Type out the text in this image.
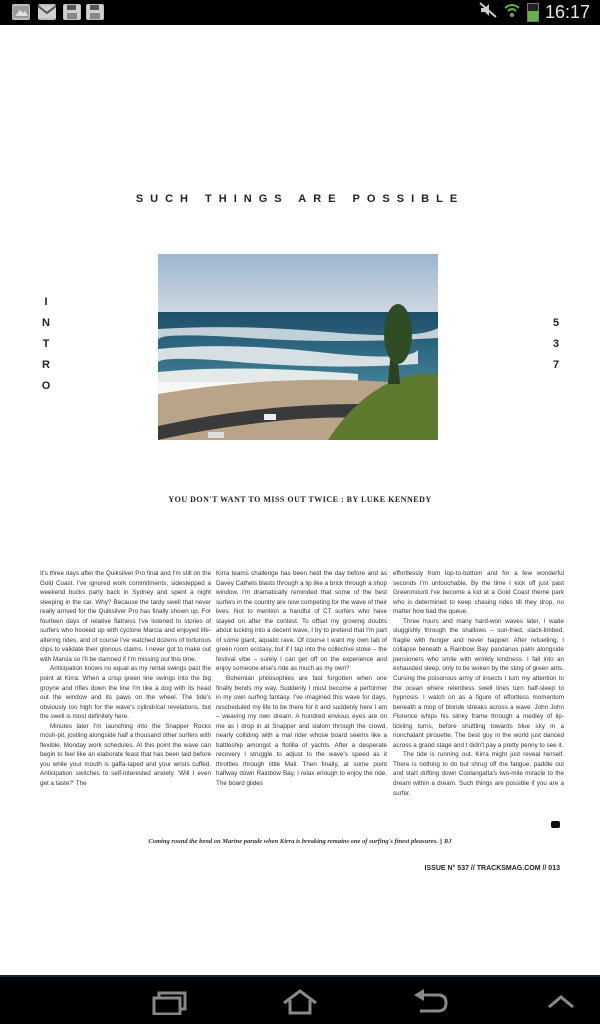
16:17
SUCH THINGS ARE POSSIBLE
I
N
T
R
O
5
3
7
YOU DON'T WANT TO MISS OUT TWICE : BY LUKE KENNEDY

It's three days after the Quiksilver Pro final and I'm still on the Gold Coast. I've ignored work commitments, sidestepped a weekend bucks party back in Sydney and spent a night sleeping in the car. Why? Because the tardy swell that never really arrived for the Quiksilver Pro has finally shown up. For fourteen days of relative flatness I've listened to stories of surfers who hooked up with cyclone Marcia and enjoyed life-altering rides, and of course I've watched dozens of torturous clips to validate their glorious claims. I never got to make out with Marcia so I'll be damned if I'm missing out this time.

Anticipation knows no equal as my rental swings past the point at Kirra. When a crisp green line swings into the big groyne and rifles down the line I'm like a dog with its head out the window and its paws on the wheel. The tide's obviously too high for the wave's cylindrical revelations, but the swell is most definitely here.

Minutes later I'm launching into the Snapper Rocks mosh-pit, jostling alongside half a thousand other surfers with flexible, Monday work schedules. At this point the wave can begin to feel like an elaborate feast that has been laid before you while your mouth is gaffa-taped and your wrists cuffed. Anticipation switches to self-interested anxiety. 'Will I even get a taste?' The

Kirra teams challenge has been held the day before and as Davey Cathels blasts through a lip like a brick through a shop window, I'm dramatically reminded that some of the best surfers in the country are now competing for the wave of their lives. Not to mention a handful of CT surfers who have stayed on after the contest. To offset my growing doubts about lucking into a decent wave, I try to pretend that I'm part of some giant, aquatic rave. Of course I want my own tab of green room ecstasy, but if I tap into the collective stoke – the festival vibe – surely I can get off on the experience and enjoy someone else's ride as much as my own?

Bohemian philosophies are fast forgotten when one finally bends my way. Suddenly I must become a performer in my own surfing fantasy. I've imagined this wave for days, rescheduled my life to be there for it and suddenly here I am – weaving my own dream. A hundred envious eyes are on me as I drop in at Snapper and slalom through the crowd, nearly colliding with a mal rider whose board seems like a battleship amongst a flotilla of yachts. After a desperate recovery I struggle to adjust to the wave's speed as it throttles through little Mali. Then finally, at some point halfway down Rainbow Bay, I relax enough to enjoy the ride. The board glides

effortlessly from top-to-bottom and for a few wonderful seconds I'm untouchable. By the time I kick off just past Greenmount I've become a kid at a Gold Coast theme park who is determined to keep chasing rides till they drop, no matter how bad the queue.

Three hours and many hard-won waves later, I wade sluggishly through the shallows – sun-fried, slack-limbed, fragile with hunger and never happier. After refuelling, I collapse beneath a Rainbow Bay pandanus palm alongside pensioners who smile with wrinkly kindness. I fall into an exhausted sleep, only to be woken by the sting of green ants. Cursing the poisonous army of insects I turn my attention to the ocean where relentless swell lines turn half-sleep to hypnosis. I watch on as a figure of effortless momentum beneath a mop of blonde streaks across a wave. John John Florence whips his slinky frame through a medley of lip-tickling turns, before shuttling towards blue sky in a nonchalant pirouette. The best guy in the world just danced across a grand stage and I didn't pay a pretty penny to see it.

The tide is running out. Kirra might just reveal herself. There is nothing to do but shrug off the fatigue, paddle out and start drifting down Coolangatta's two-mile miracle to the dream within a dream. Such things are possible if you are a surfer.

Coming round the bend on Marine parade when Kirra is breaking remains one of surfing's finest pleasures. || RJ
ISSUE N° 537 // TRACKSMAG.COM // 013
